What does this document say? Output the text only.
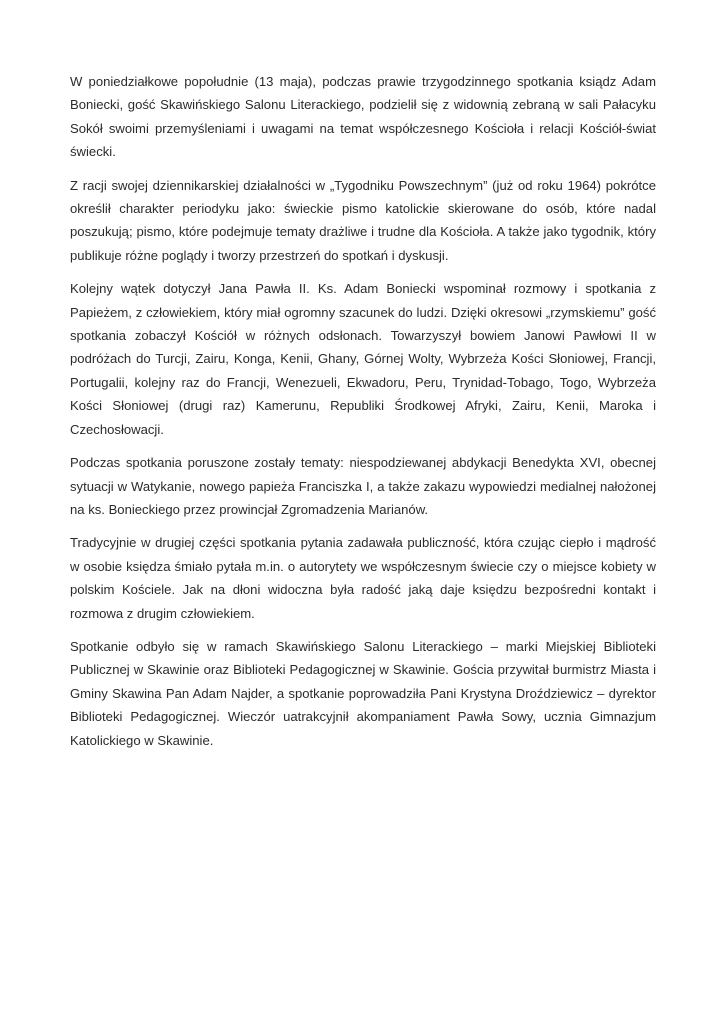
W poniedziałkowe popołudnie (13 maja), podczas prawie trzygodzinnego spotkania ksiądz Adam Boniecki, gość Skawińskiego Salonu Literackiego, podzielił się z widownią zebraną w sali Pałacyku Sokół swoimi przemyśleniami i uwagami na temat współczesnego Kościoła i relacji Kościół-świat świecki.

Z racji swojej dziennikarskiej działalności w „Tygodniku Powszechnym” (już od roku 1964) pokrótce określił charakter periodyku jako: świeckie pismo katolickie skierowane do osób, które nadal poszukują; pismo, które podejmuje tematy drażliwe i trudne dla Kościoła. A także jako tygodnik, który publikuje różne poglądy i tworzy przestrzeń do spotkań i dyskusji.

Kolejny wątek dotyczył Jana Pawła II. Ks. Adam Boniecki wspominał rozmowy i spotkania z Papieżem, z człowiekiem, który miał ogromny szacunek do ludzi. Dzięki okresowi „rzymskiemu” gość spotkania zobaczył Kościół w różnych odsłonach. Towarzyszył bowiem Janowi Pawłowi II w podróżach do Turcji, Zairu, Konga, Kenii, Ghany, Górnej Wolty, Wybrzeża Kości Słoniowej, Francji, Portugalii, kolejny raz do Francji, Wenezueli, Ekwadoru, Peru, Trynidad-Tobago, Togo, Wybrzeża Kości Słoniowej (drugi raz) Kamerunu, Republiki Środkowej Afryki, Zairu, Kenii, Maroka i Czechosłowacji.

Podczas spotkania poruszone zostały tematy: niespodziewanej abdykacji Benedykta XVI, obecnej sytuacji w Watykanie, nowego papieża Franciszka I, a także zakazu wypowiedzi medialnej nałożonej na ks. Bonieckiego przez prowincjał Zgromadzenia Marianów.

Tradycyjnie w drugiej części spotkania pytania zadawała publiczność, która czując ciepło i mądrość w osobie księdza śmiało pytała m.in. o autorytety we współczesnym świecie czy o miejsce kobiety w polskim Kościele. Jak na dłoni widoczna była radość jaką daje księdzu bezpośredni kontakt i rozmowa z drugim człowiekiem.

Spotkanie odbyło się w ramach Skawińskiego Salonu Literackiego – marki Miejskiej Biblioteki Publicznej w Skawinie oraz Biblioteki Pedagogicznej w Skawinie. Gościa przywitał burmistrz Miasta i Gminy Skawina Pan Adam Najder, a spotkanie poprowadziła Pani Krystyna Droździewicz – dyrektor Biblioteki Pedagogicznej. Wieczór uatrakcyjnił akompaniament Pawła Sowy, ucznia Gimnazjum Katolickiego w Skawinie.
